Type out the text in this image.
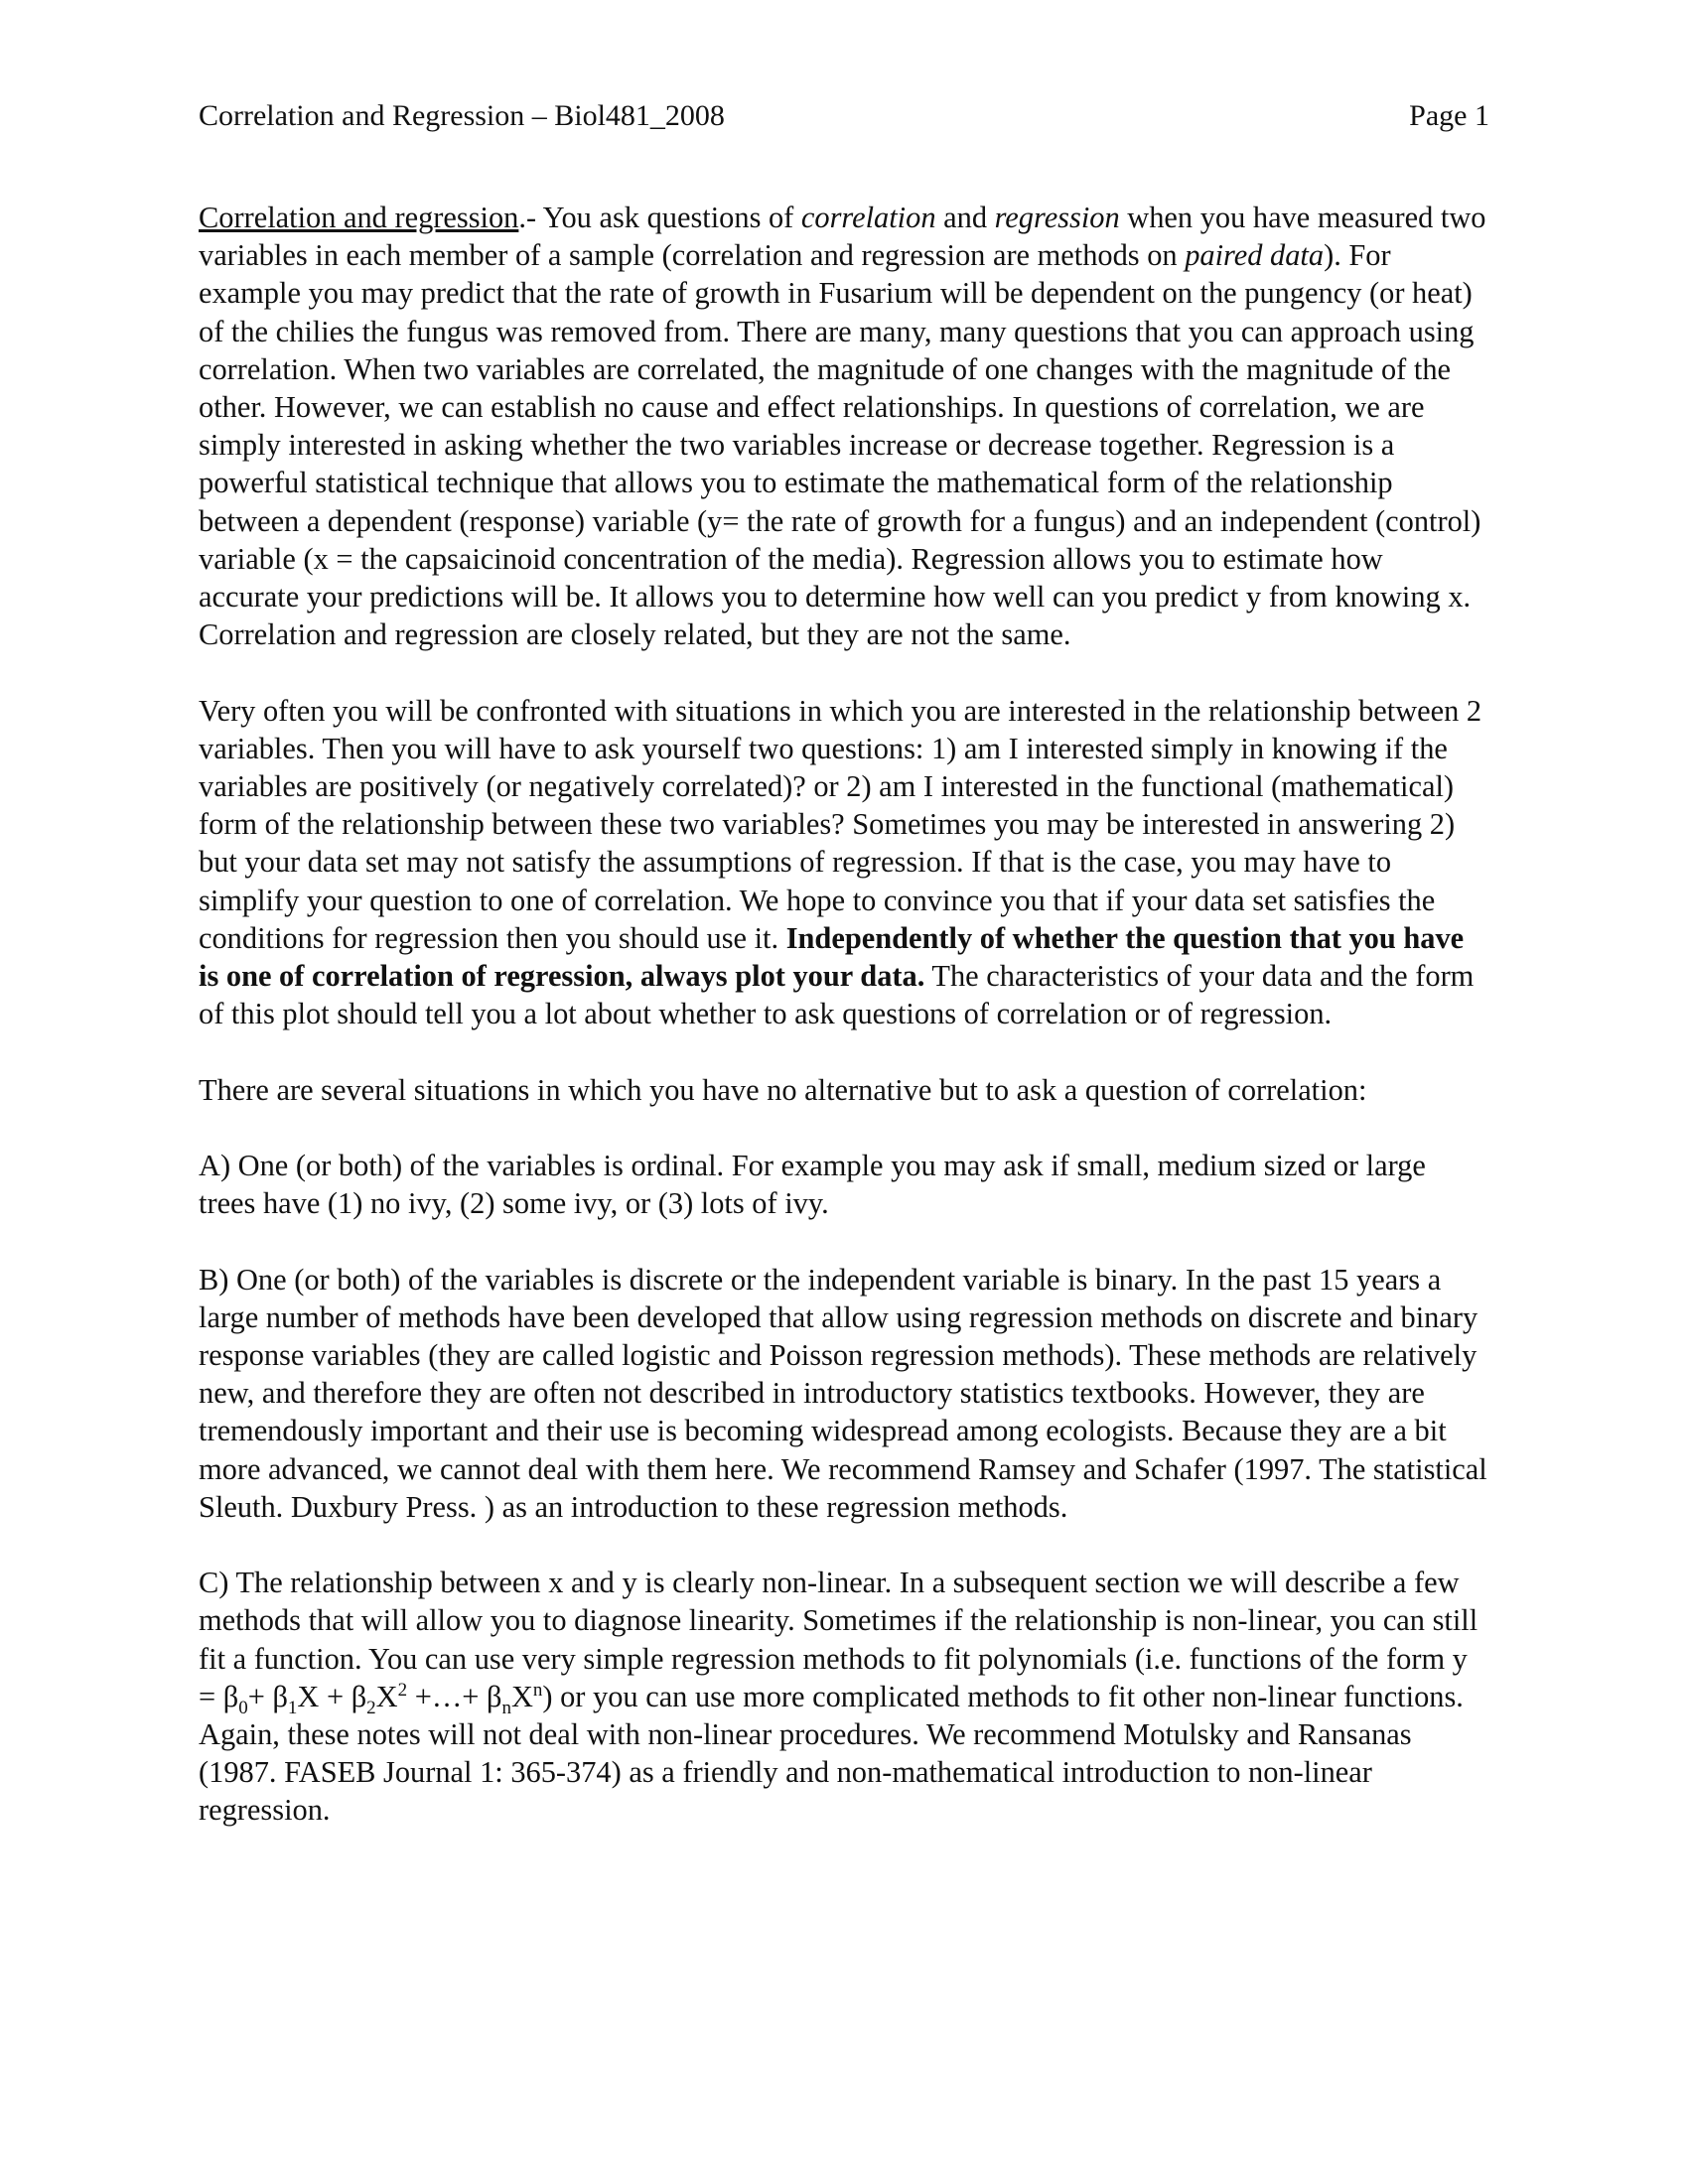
Correlation and Regression – Biol481_2008	Page 1

Correlation and regression.- You ask questions of correlation and regression when you have measured two variables in each member of a sample (correlation and regression are methods on paired data). For example you may predict that the rate of growth in Fusarium will be dependent on the pungency (or heat) of the chilies the fungus was removed from. There are many, many questions that you can approach using correlation. When two variables are correlated, the magnitude of one changes with the magnitude of the other. However, we can establish no cause and effect relationships. In questions of correlation, we are simply interested in asking whether the two variables increase or decrease together. Regression is a powerful statistical technique that allows you to estimate the mathematical form of the relationship between a dependent (response) variable (y= the rate of growth for a fungus) and an independent (control) variable (x = the capsaicinoid concentration of the media). Regression allows you to estimate how accurate your predictions will be. It allows you to determine how well can you predict y from knowing x. Correlation and regression are closely related, but they are not the same.

Very often you will be confronted with situations in which you are interested in the relationship between 2 variables. Then you will have to ask yourself two questions: 1) am I interested simply in knowing if the variables are positively (or negatively correlated)? or 2) am I interested in the functional (mathematical) form of the relationship between these two variables? Sometimes you may be interested in answering 2) but your data set may not satisfy the assumptions of regression. If that is the case, you may have to simplify your question to one of correlation. We hope to convince you that if your data set satisfies the conditions for regression then you should use it. Independently of whether the question that you have is one of correlation of regression, always plot your data. The characteristics of your data and the form of this plot should tell you a lot about whether to ask questions of correlation or of regression.

There are several situations in which you have no alternative but to ask a question of correlation:

A) One (or both) of the variables is ordinal. For example you may ask if small, medium sized or large trees have (1) no ivy, (2) some ivy, or (3) lots of ivy.

B) One (or both) of the variables is discrete or the independent variable is binary. In the past 15 years a large number of methods have been developed that allow using regression methods on discrete and binary response variables (they are called logistic and Poisson regression methods). These methods are relatively new, and therefore they are often not described in introductory statistics textbooks. However, they are tremendously important and their use is becoming widespread among ecologists. Because they are a bit more advanced, we cannot deal with them here. We recommend Ramsey and Schafer (1997. The statistical Sleuth. Duxbury Press. ) as an introduction to these regression methods.

C) The relationship between x and y is clearly non-linear. In a subsequent section we will describe a few methods that will allow you to diagnose linearity. Sometimes if the relationship is non-linear, you can still fit a function. You can use very simple regression methods to fit polynomials (i.e. functions of the form $y = \beta_0+ \beta_1X + \beta_2X^2$ +…+ $\beta_nX^n$) or you can use more complicated methods to fit other non-linear functions. Again, these notes will not deal with non-linear procedures. We recommend Motulsky and Ransanas (1987. FASEB Journal 1: 365-374) as a friendly and non-mathematical introduction to non-linear regression.
